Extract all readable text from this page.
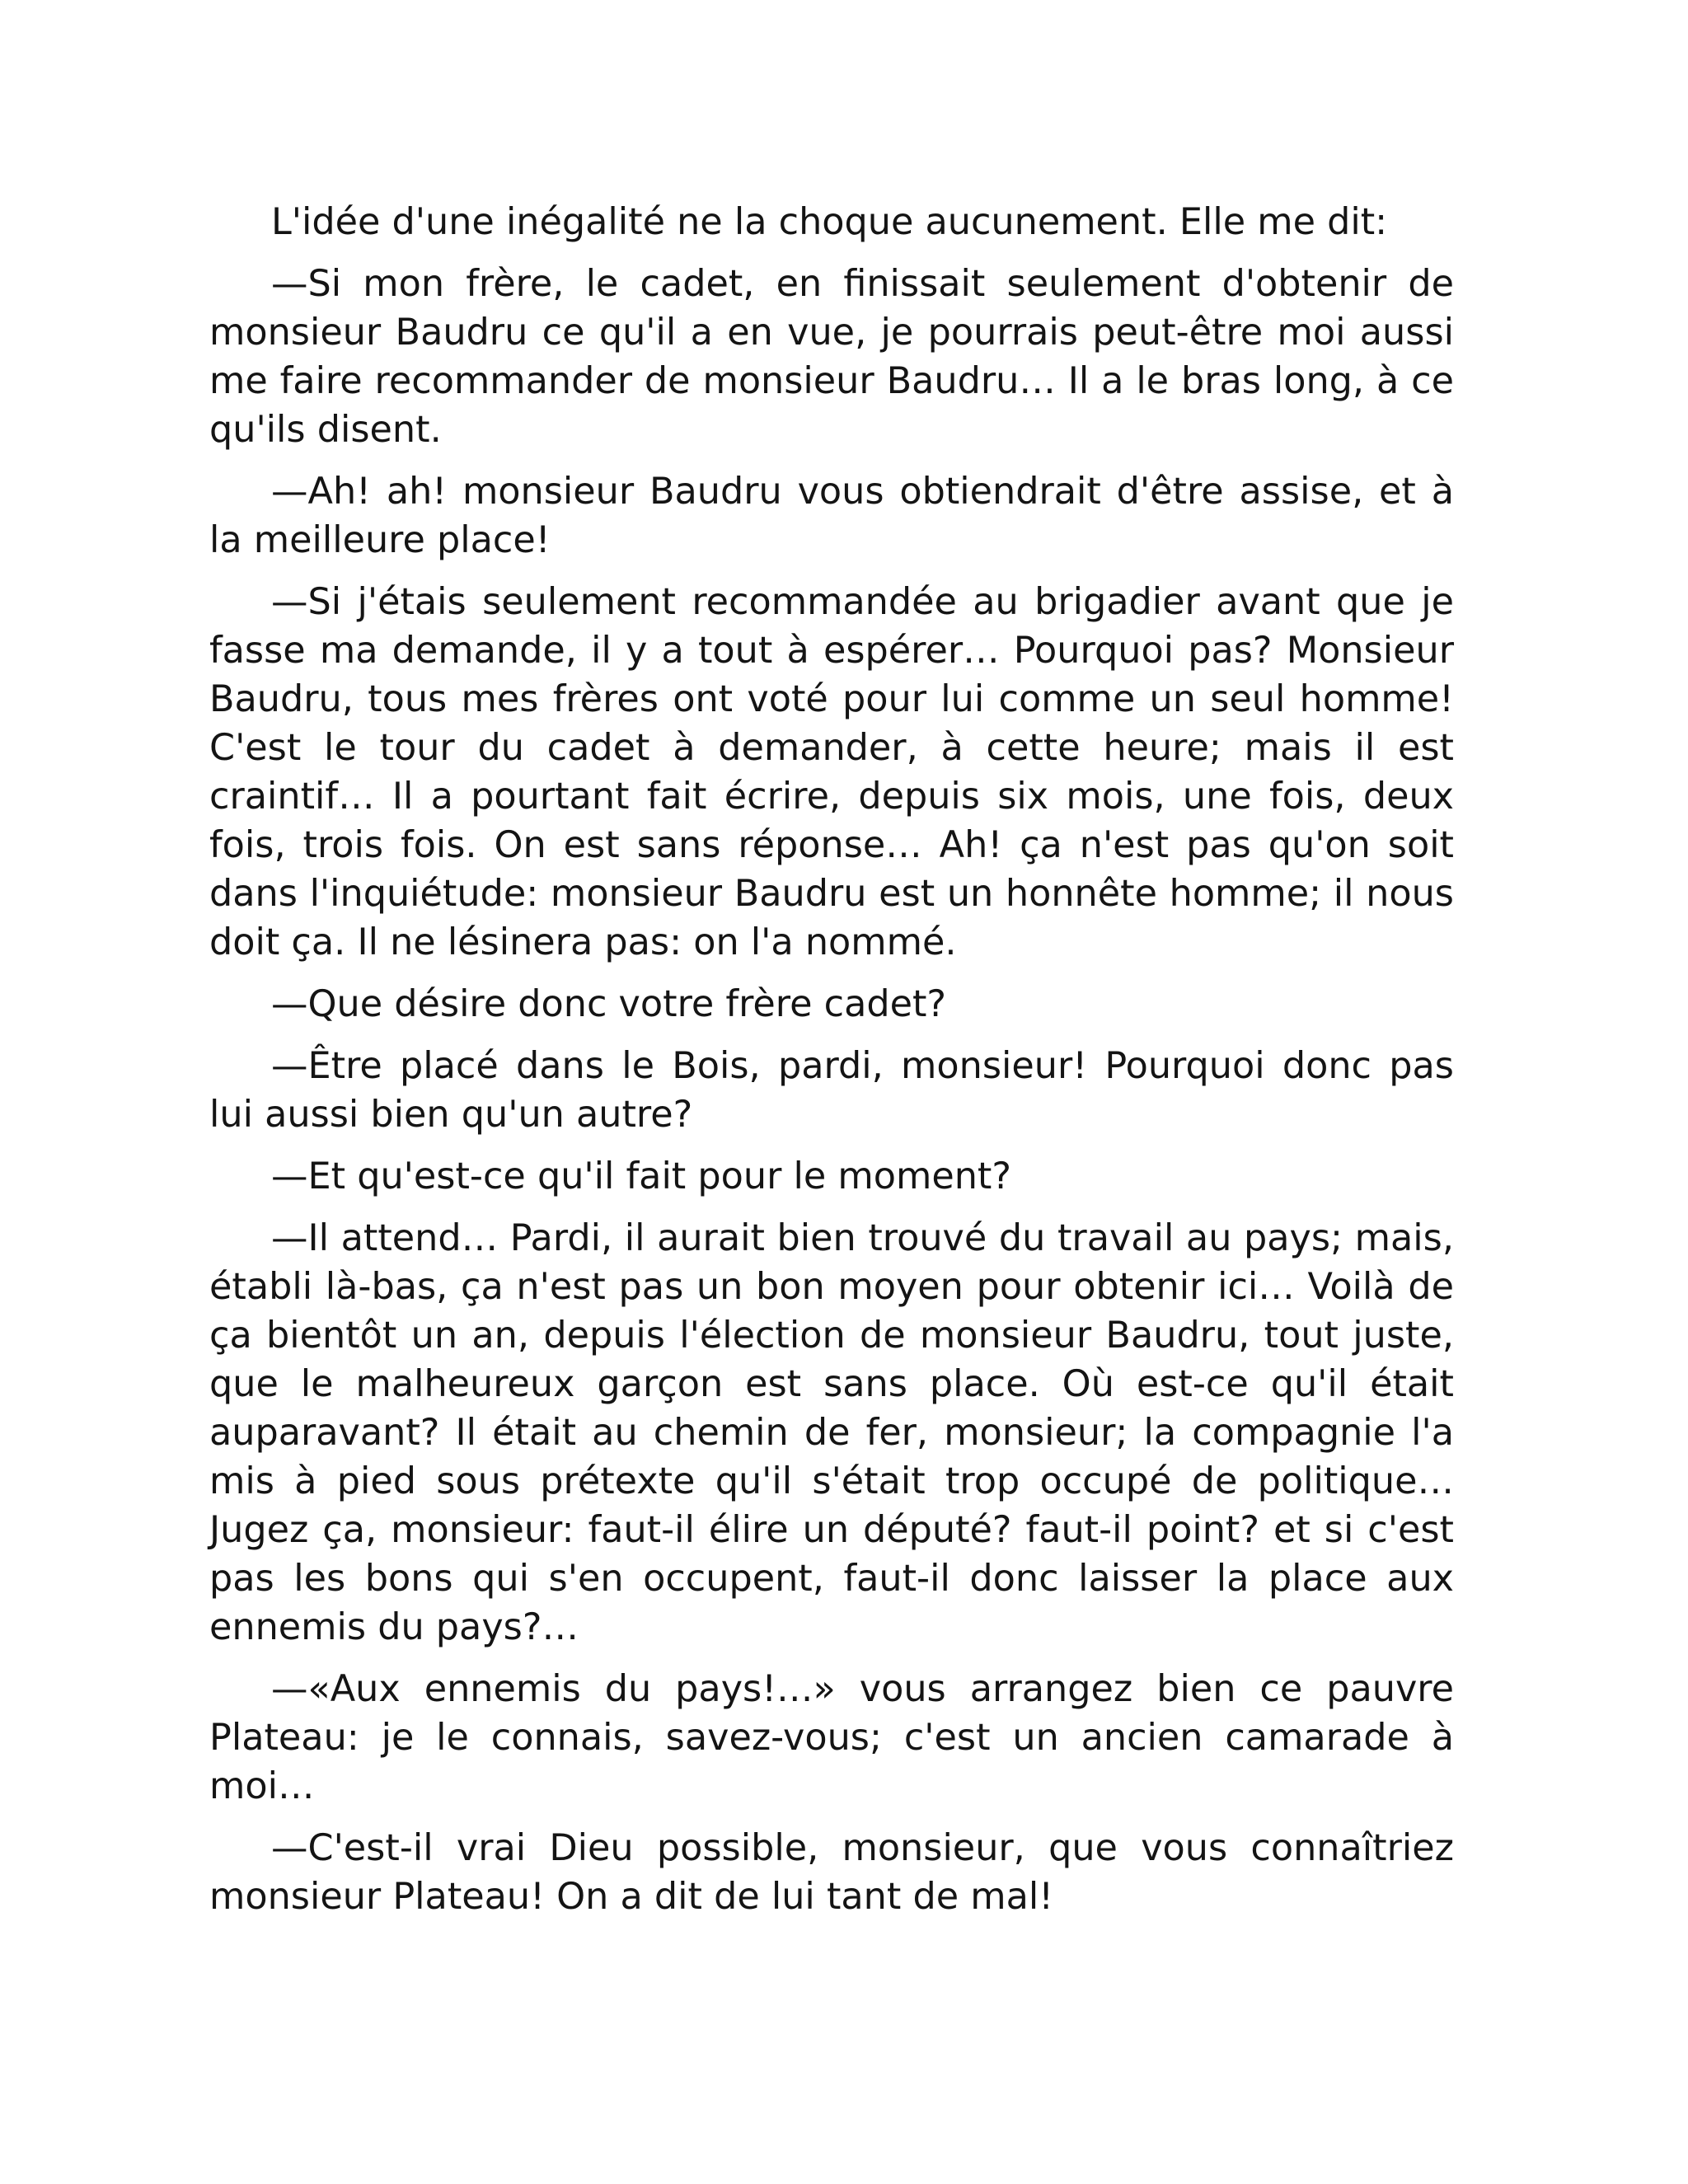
L'idée d'une inégalité ne la choque aucunement. Elle me dit:

—Si mon frère, le cadet, en finissait seulement d'obtenir de monsieur Baudru ce qu'il a en vue, je pourrais peut-être moi aussi me faire recommander de monsieur Baudru… Il a le bras long, à ce qu'ils disent.

—Ah! ah! monsieur Baudru vous obtiendrait d'être assise, et à la meilleure place!

—Si j'étais seulement recommandée au brigadier avant que je fasse ma demande, il y a tout à espérer… Pourquoi pas? Monsieur Baudru, tous mes frères ont voté pour lui comme un seul homme! C'est le tour du cadet à demander, à cette heure; mais il est craintif… Il a pourtant fait écrire, depuis six mois, une fois, deux fois, trois fois. On est sans réponse… Ah! ça n'est pas qu'on soit dans l'inquiétude: monsieur Baudru est un honnête homme; il nous doit ça. Il ne lésinera pas: on l'a nommé.

—Que désire donc votre frère cadet?

—Être placé dans le Bois, pardi, monsieur! Pourquoi donc pas lui aussi bien qu'un autre?

—Et qu'est-ce qu'il fait pour le moment?

—Il attend… Pardi, il aurait bien trouvé du travail au pays; mais, établi là-bas, ça n'est pas un bon moyen pour obtenir ici… Voilà de ça bientôt un an, depuis l'élection de monsieur Baudru, tout juste, que le malheureux garçon est sans place. Où est-ce qu'il était auparavant? Il était au chemin de fer, monsieur; la compagnie l'a mis à pied sous prétexte qu'il s'était trop occupé de politique… Jugez ça, monsieur: faut-il élire un député? faut-il point? et si c'est pas les bons qui s'en occupent, faut-il donc laisser la place aux ennemis du pays?…

—«Aux ennemis du pays!…» vous arrangez bien ce pauvre Plateau: je le connais, savez-vous; c'est un ancien camarade à moi…

—C'est-il vrai Dieu possible, monsieur, que vous connaîtriez monsieur Plateau! On a dit de lui tant de mal!
